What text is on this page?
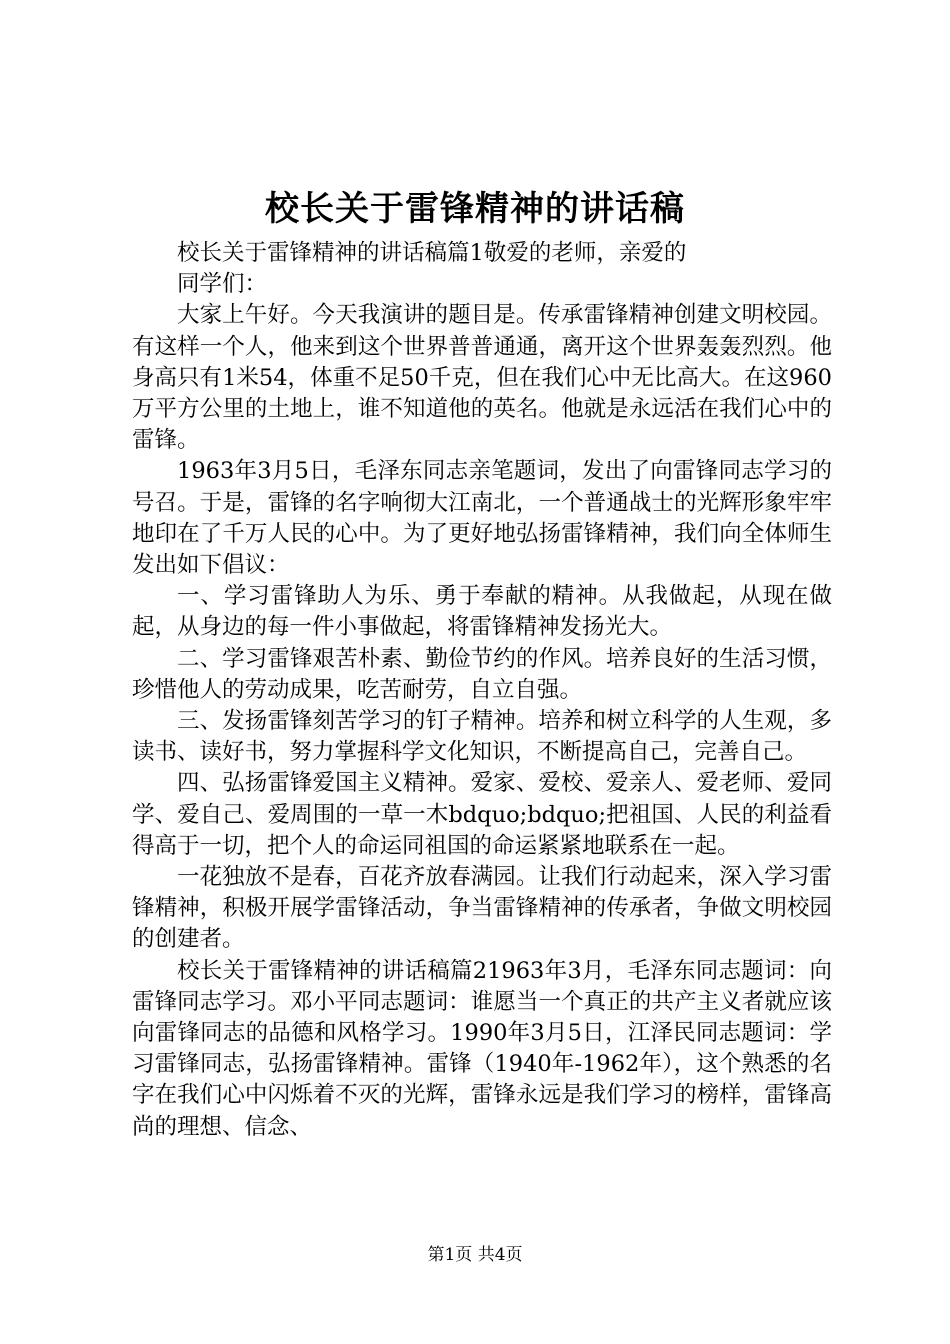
校长关于雷锋精神的讲话稿

校长关于雷锋精神的讲话稿篇1敬爱的老师，亲爱的
同学们：

大家上午好。今天我演讲的题目是。传承雷锋精神创建文明校园。有这样一个人，他来到这个世界普普通通，离开这个世界轰轰烈烈。他身高只有1米54，体重不足50千克，但在我们心中无比高大。在这960万平方公里的土地上，谁不知道他的英名。他就是永远活在我们心中的雷锋。

1963年3月5日，毛泽东同志亲笔题词，发出了向雷锋同志学习的号召。于是，雷锋的名字响彻大江南北，一个普通战士的光辉形象牢牢地印在了千万人民的心中。为了更好地弘扬雷锋精神，我们向全体师生发出如下倡议：

一、学习雷锋助人为乐、勇于奉献的精神。从我做起，从现在做起，从身边的每一件小事做起，将雷锋精神发扬光大。

二、学习雷锋艰苦朴素、勤俭节约的作风。培养良好的生活习惯，珍惜他人的劳动成果，吃苦耐劳，自立自强。

三、发扬雷锋刻苦学习的钉子精神。培养和树立科学的人生观，多读书、读好书，努力掌握科学文化知识，不断提高自己，完善自己。

四、弘扬雷锋爱国主义精神。爱家、爱校、爱亲人、爱老师、爱同学、爱自己、爱周围的一草一木bdquo;bdquo;把祖国、人民的利益看得高于一切，把个人的命运同祖国的命运紧紧地联系在一起。

一花独放不是春，百花齐放春满园。让我们行动起来，深入学习雷锋精神，积极开展学雷锋活动，争当雷锋精神的传承者，争做文明校园的创建者。

校长关于雷锋精神的讲话稿篇21963年3月，毛泽东同志题词：向雷锋同志学习。邓小平同志题词：谁愿当一个真正的共产主义者就应该向雷锋同志的品德和风格学习。1990年3月5日，江泽民同志题词：学习雷锋同志，弘扬雷锋精神。雷锋（1940年-1962年），这个熟悉的名字在我们心中闪烁着不灭的光辉，雷锋永远是我们学习的榜样，雷锋高尚的理想、信念、

第1页 共4页
